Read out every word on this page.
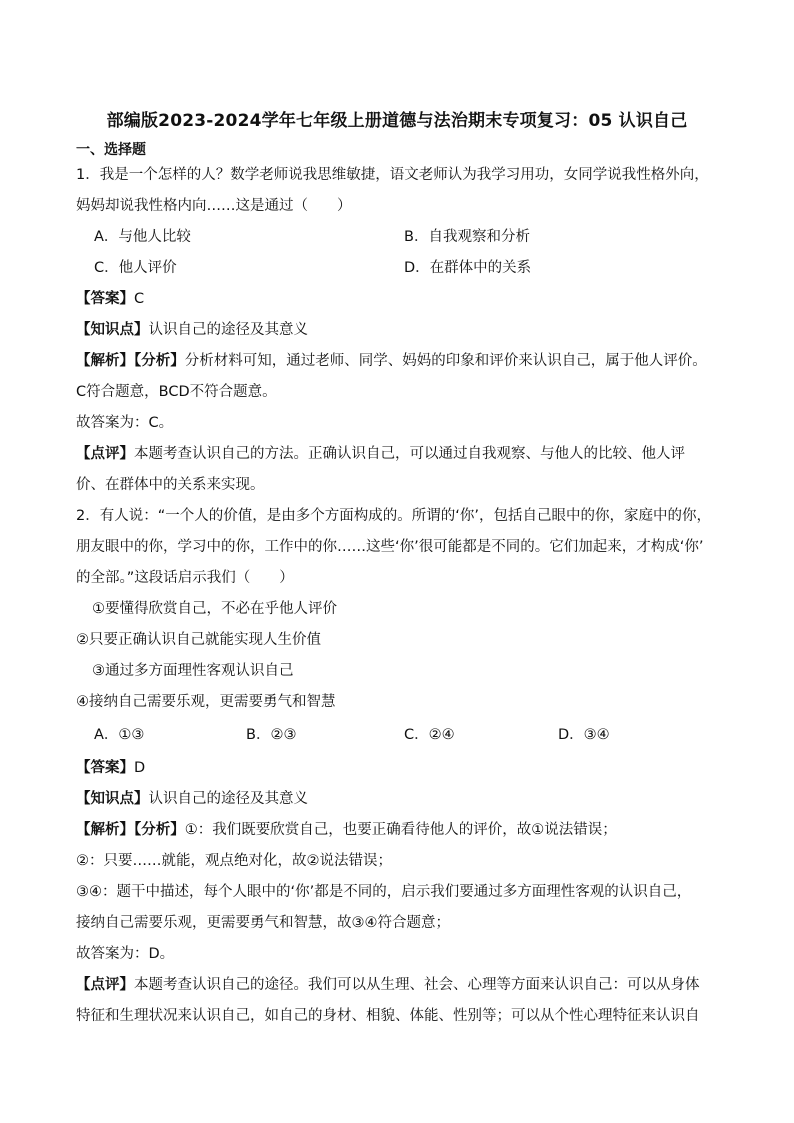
部编版2023-2024学年七年级上册道德与法治期末专项复习：05 认识自己
一、选择题
1．我是一个怎样的人？数学老师说我思维敏捷，语文老师认为我学习用功，女同学说我性格外向，
妈妈却说我性格内向……这是通过（　　）
A．与他人比较	B．自我观察和分析
C．他人评价	D．在群体中的关系
【答案】C
【知识点】认识自己的途径及其意义
【解析】【分析】分析材料可知，通过老师、同学、妈妈的印象和评价来认识自己，属于他人评价。
C符合题意，BCD不符合题意。
故答案为：C。
【点评】本题考查认识自己的方法。正确认识自己，可以通过自我观察、与他人的比较、他人评
价、在群体中的关系来实现。
2．有人说：“一个人的价值，是由多个方面构成的。所谓的‘你’，包括自己眼中的你，家庭中的你，
朋友眼中的你，学习中的你，工作中的你……这些‘你’很可能都是不同的。它们加起来，才构成‘你’
的全部。”这段话启示我们（　　）
①要懂得欣赏自己，不必在乎他人评价
②只要正确认识自己就能实现人生价值
③通过多方面理性客观认识自己
④接纳自己需要乐观，更需要勇气和智慧
A．①③	B．②③	C．②④	D．③④
【答案】D
【知识点】认识自己的途径及其意义
【解析】【分析】①：我们既要欣赏自己，也要正确看待他人的评价，故①说法错误；
②：只要……就能，观点绝对化，故②说法错误；
③④：题干中描述，每个人眼中的‘你’都是不同的，启示我们要通过多方面理性客观的认识自己，
接纳自己需要乐观，更需要勇气和智慧，故③④符合题意；
故答案为：D。
【点评】本题考查认识自己的途径。我们可以从生理、社会、心理等方面来认识自己：可以从身体
特征和生理状况来认识自己，如自己的身材、相貌、体能、性别等；可以从个性心理特征来认识自
